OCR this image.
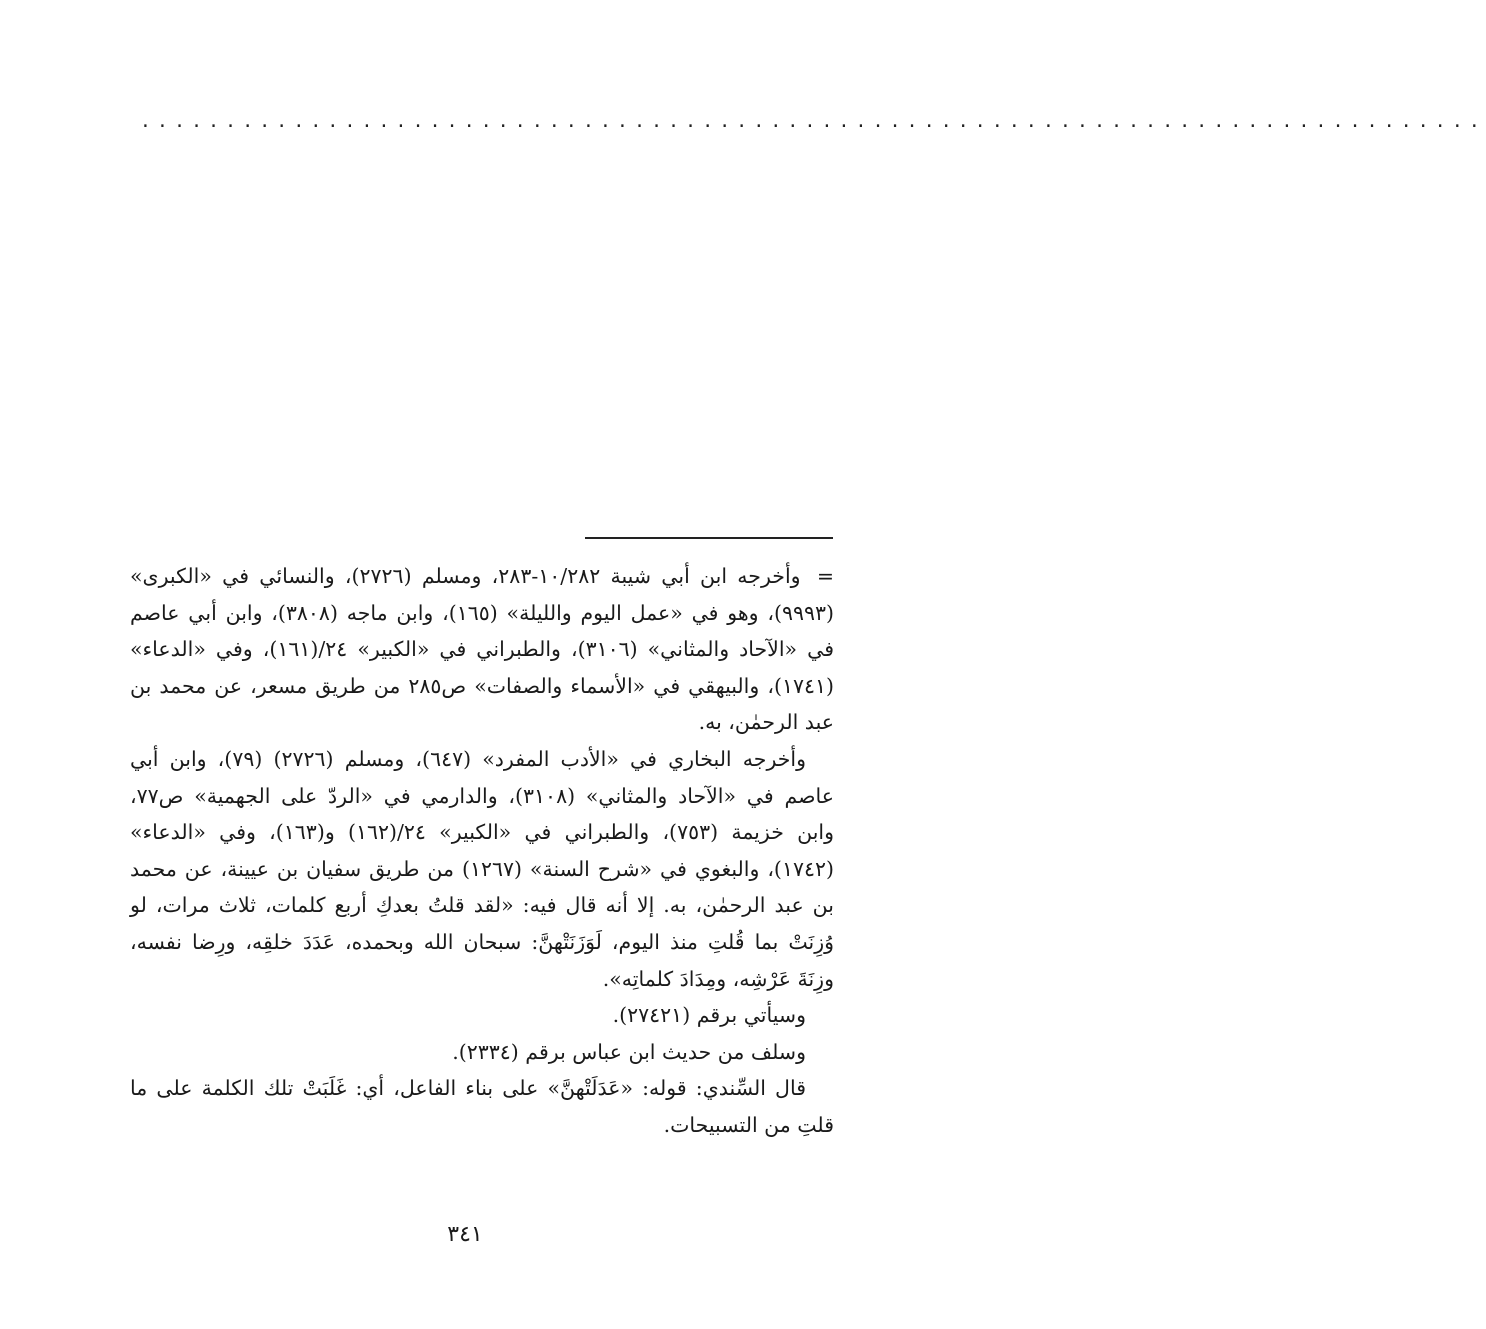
...............................................................................

= وأخرجه ابن أبي شيبة ١٠/٢٨٢-٢٨٣، ومسلم (٢٧٢٦)، والنسائي في «الكبرى» (٩٩٩٣)، وهو في «عمل اليوم والليلة» (١٦٥)، وابن ماجه (٣٨٠٨)، وابن أبي عاصم في «الآحاد والمثاني» (٣١٠٦)، والطبراني في «الكبير» ٢٤/(١٦١)، وفي «الدعاء» (١٧٤١)، والبيهقي في «الأسماء والصفات» ص٢٨٥ من طريق مسعر، عن محمد بن عبد الرحمٰن، به.

وأخرجه البخاري في «الأدب المفرد» (٦٤٧)، ومسلم (٢٧٢٦) (٧٩)، وابن أبي عاصم في «الآحاد والمثاني» (٣١٠٨)، والدارمي في «الردّ على الجهمية» ص٧٧، وابن خزيمة (٧٥٣)، والطبراني في «الكبير» ٢٤/(١٦٢) و(١٦٣)، وفي «الدعاء» (١٧٤٢)، والبغوي في «شرح السنة» (١٢٦٧) من طريق سفيان بن عيينة، عن محمد بن عبد الرحمٰن، به. إلا أنه قال فيه: «لقد قلتُ بعدكِ أربع كلمات، ثلاث مرات، لو وُزِنَتْ بما قُلتِ منذ اليوم، لَوَزَنَتْهنَّ: سبحان الله وبحمده، عَدَدَ خلقِه، ورِضا نفسه، وزِنَةَ عَرْشِه، ومِدَادَ كلماتِه».

وسيأتي برقم (٢٧٤٢١).

وسلف من حديث ابن عباس برقم (٢٣٣٤).

قال السِّندي: قوله: «عَدَلَتْهنَّ» على بناء الفاعل، أي: غَلَبَتْ تلك الكلمة على ما قلتِ من التسبيحات.

٣٤١
